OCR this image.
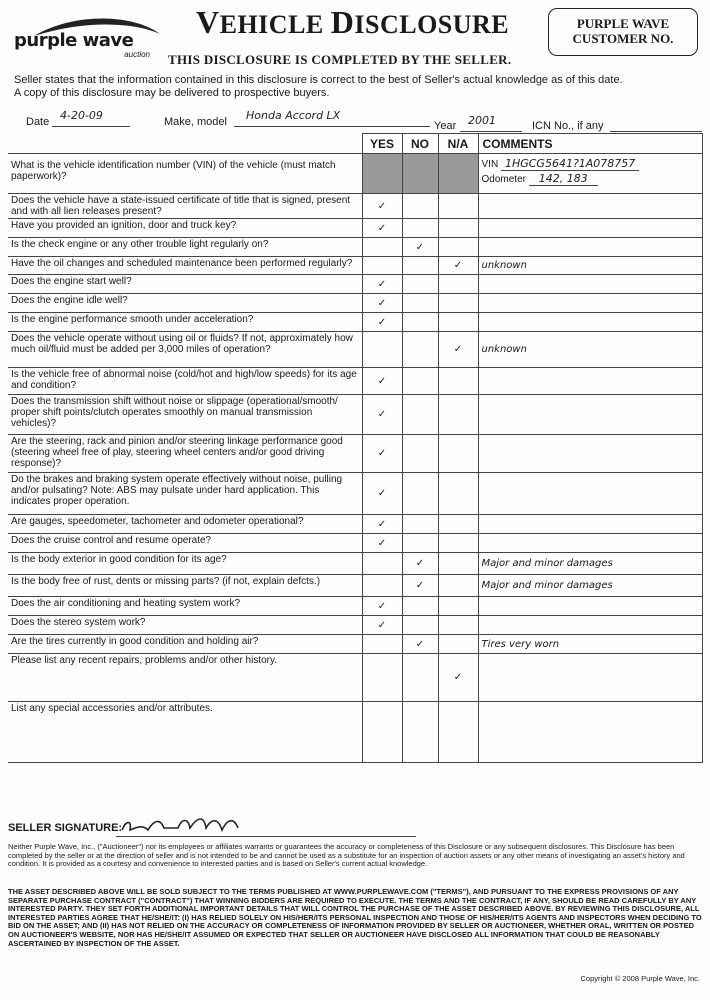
purple wave
auction
VEHICLE DISCLOSURE
THIS DISCLOSURE IS COMPLETED BY THE SELLER.
PURPLE WAVE
CUSTOMER NO.
Seller states that the information contained in this disclosure is correct to the best of Seller's actual knowledge as of this date.
A copy of this disclosure may be delivered to prospective buyers.
Date 4-20-09	Make, model Honda Accord LX
Year 2001	ICN No., if any
	YES	NO	N/A	COMMENTS
What is the vehicle identification number (VIN) of the vehicle (must match paperwork)?				VIN 1HGCG5641?1A078757
Odometer 142, 183

Does the vehicle have a state-issued certificate of title that is signed, present and with all lien releases present?	✓			
Have you provided an ignition, door and truck key?	✓			
Is the check engine or any other trouble light regularly on?		✓		
Have the oil changes and scheduled maintenance been performed regularly?			✓	unknown
Does the engine start well?	✓			
Does the engine idle well?	✓			
Is the engine performance smooth under acceleration?	✓			
Does the vehicle operate without using oil or fluids? If not, approximately how much oil/fluid must be added per 3,000 miles of operation?			✓	unknown
Is the vehicle free of abnormal noise (cold/hot and high/low speeds) for its age and condition?	✓			
Does the transmission shift without noise or slippage (operational/smooth/ proper shift points/clutch operates smoothly on manual transmission vehicles)?	✓			
Are the steering, rack and pinion and/or steering linkage performance good (steering wheel free of play, steering wheel centers and/or good driving response)?	✓			
Do the brakes and braking system operate effectively without noise, pulling and/or pulsating? Note: ABS may pulsate under hard application. This indicates proper operation.	✓			
Are gauges, speedometer, tachometer and odometer operational?	✓			
Does the cruise control and resume operate?	✓			
Is the body exterior in good condition for its age?		✓		Major and minor damages
Is the body free of rust, dents or missing parts? (if not, explain defcts.)		✓		Major and minor damages
Does the air conditioning and heating system work?	✓			
Does the stereo system work?	✓			
Are the tires currently in good condition and holding air?		✓		Tires very worn
Please list any recent repairs, problems and/or other history.			✓	
List any special accessories and/or attributes.				
SELLER SIGNATURE:
Neither Purple Wave, Inc., ("Auctioneer") nor its employees or affiliates warrants or guarantees the accuracy or completeness of this Disclosure or any subsequent disclosures. This Disclosure has been completed by the seller or at the direction of seller and is not intended to be and cannot be used as a substitute for an inspection of auction assets or any other means of investigating an asset's history and condition. It is provided as a courtesy and convenience to interested parties and is based on Seller's current actual knowledge.
THE ASSET DESCRIBED ABOVE WILL BE SOLD SUBJECT TO THE TERMS PUBLISHED AT WWW.PURPLEWAVE.COM ("TERMS"), AND PURSUANT TO THE EXPRESS PROVISIONS OF ANY SEPARATE PURCHASE CONTRACT ("CONTRACT") THAT WINNING BIDDERS ARE REQUIRED TO EXECUTE. THE TERMS AND THE CONTRACT, IF ANY, SHOULD BE READ CAREFULLY BY ANY INTERESTED PARTY. THEY SET FORTH ADDITIONAL IMPORTANT DETAILS THAT WILL CONTROL THE PURCHASE OF THE ASSET DESCRIBED ABOVE. BY REVIEWING THIS DISCLOSURE, ALL INTERESTED PARTIES AGREE THAT HE/SHE/IT: (I) HAS RELIED SOLELY ON HIS/HER/ITS PERSONAL INSPECTION AND THOSE OF HIS/HER/ITS AGENTS AND INSPECTORS WHEN DECIDING TO BID ON THE ASSET; AND (II) HAS NOT RELIED ON THE ACCURACY OR COMPLETENESS OF INFORMATION PROVIDED BY SELLER OR AUCTIONEER, WHETHER ORAL, WRITTEN OR POSTED ON AUCTIONEER'S WEBSITE, NOR HAS HE/SHE/IT ASSUMED OR EXPECTED THAT SELLER OR AUCTIONEER HAVE DISCLOSED ALL INFORMATION THAT COULD BE REASONABLY ASCERTAINED BY INSPECTION OF THE ASSET.
Copyright © 2008 Purple Wave, Inc.
